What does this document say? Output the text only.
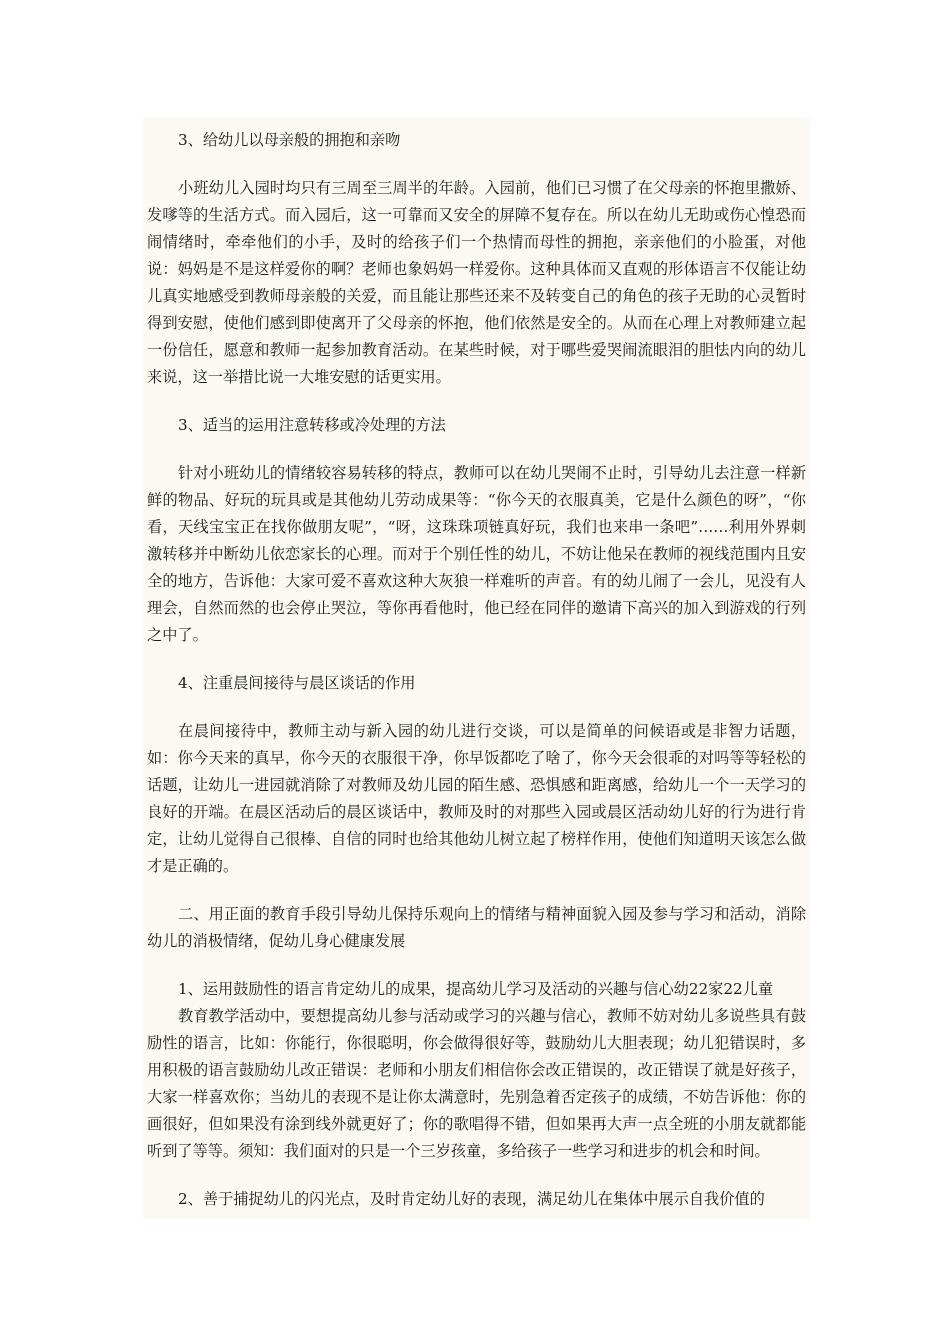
3、给幼儿以母亲般的拥抱和亲吻

小班幼儿入园时均只有三周至三周半的年龄。入园前，他们已习惯了在父母亲的怀抱里撒娇、发嗲等的生活方式。而入园后，这一可靠而又安全的屏障不复存在。所以在幼儿无助或伤心惶恐而闹情绪时，牵牵他们的小手，及时的给孩子们一个热情而母性的拥抱，亲亲他们的小脸蛋，对他说：妈妈是不是这样爱你的啊？老师也象妈妈一样爱你。这种具体而又直观的形体语言不仅能让幼儿真实地感受到教师母亲般的关爱，而且能让那些还来不及转变自己的角色的孩子无助的心灵暂时得到安慰，使他们感到即使离开了父母亲的怀抱，他们依然是安全的。从而在心理上对教师建立起一份信任，愿意和教师一起参加教育活动。在某些时候，对于哪些爱哭闹流眼泪的胆怯内向的幼儿来说，这一举措比说一大堆安慰的话更实用。

3、适当的运用注意转移或冷处理的方法

针对小班幼儿的情绪较容易转移的特点，教师可以在幼儿哭闹不止时，引导幼儿去注意一样新鲜的物品、好玩的玩具或是其他幼儿劳动成果等：“你今天的衣服真美，它是什么颜色的呀”，“你看，天线宝宝正在找你做朋友呢”，“呀，这珠珠项链真好玩，我们也来串一条吧”……利用外界刺激转移并中断幼儿依恋家长的心理。而对于个别任性的幼儿，不妨让他呆在教师的视线范围内且安全的地方，告诉他：大家可爱不喜欢这种大灰狼一样难听的声音。有的幼儿闹了一会儿，见没有人理会，自然而然的也会停止哭泣，等你再看他时，他已经在同伴的邀请下高兴的加入到游戏的行列之中了。

4、注重晨间接待与晨区谈话的作用

在晨间接待中，教师主动与新入园的幼儿进行交谈，可以是简单的问候语或是非智力话题，如：你今天来的真早，你今天的衣服很干净，你早饭都吃了啥了，你今天会很乖的对吗等等轻松的话题，让幼儿一进园就消除了对教师及幼儿园的陌生感、恐惧感和距离感，给幼儿一个一天学习的良好的开端。在晨区活动后的晨区谈话中，教师及时的对那些入园或晨区活动幼儿好的行为进行肯定，让幼儿觉得自己很棒、自信的同时也给其他幼儿树立起了榜样作用，使他们知道明天该怎么做才是正确的。

二、用正面的教育手段引导幼儿保持乐观向上的情绪与精神面貌入园及参与学习和活动，消除幼儿的消极情绪，促幼儿身心健康发展

1、运用鼓励性的语言肯定幼儿的成果，提高幼儿学习及活动的兴趣与信心幼22家22儿童

教育教学活动中，要想提高幼儿参与活动或学习的兴趣与信心，教师不妨对幼儿多说些具有鼓励性的语言，比如：你能行，你很聪明，你会做得很好等，鼓励幼儿大胆表现；幼儿犯错误时，多用积极的语言鼓励幼儿改正错误：老师和小朋友们相信你会改正错误的，改正错误了就是好孩子，大家一样喜欢你；当幼儿的表现不是让你太满意时，先别急着否定孩子的成绩，不妨告诉他：你的画很好，但如果没有涂到线外就更好了；你的歌唱得不错，但如果再大声一点全班的小朋友就都能听到了等等。须知：我们面对的只是一个三岁孩童，多给孩子一些学习和进步的机会和时间。

2、善于捕捉幼儿的闪光点，及时肯定幼儿好的表现，满足幼儿在集体中展示自我价值的
